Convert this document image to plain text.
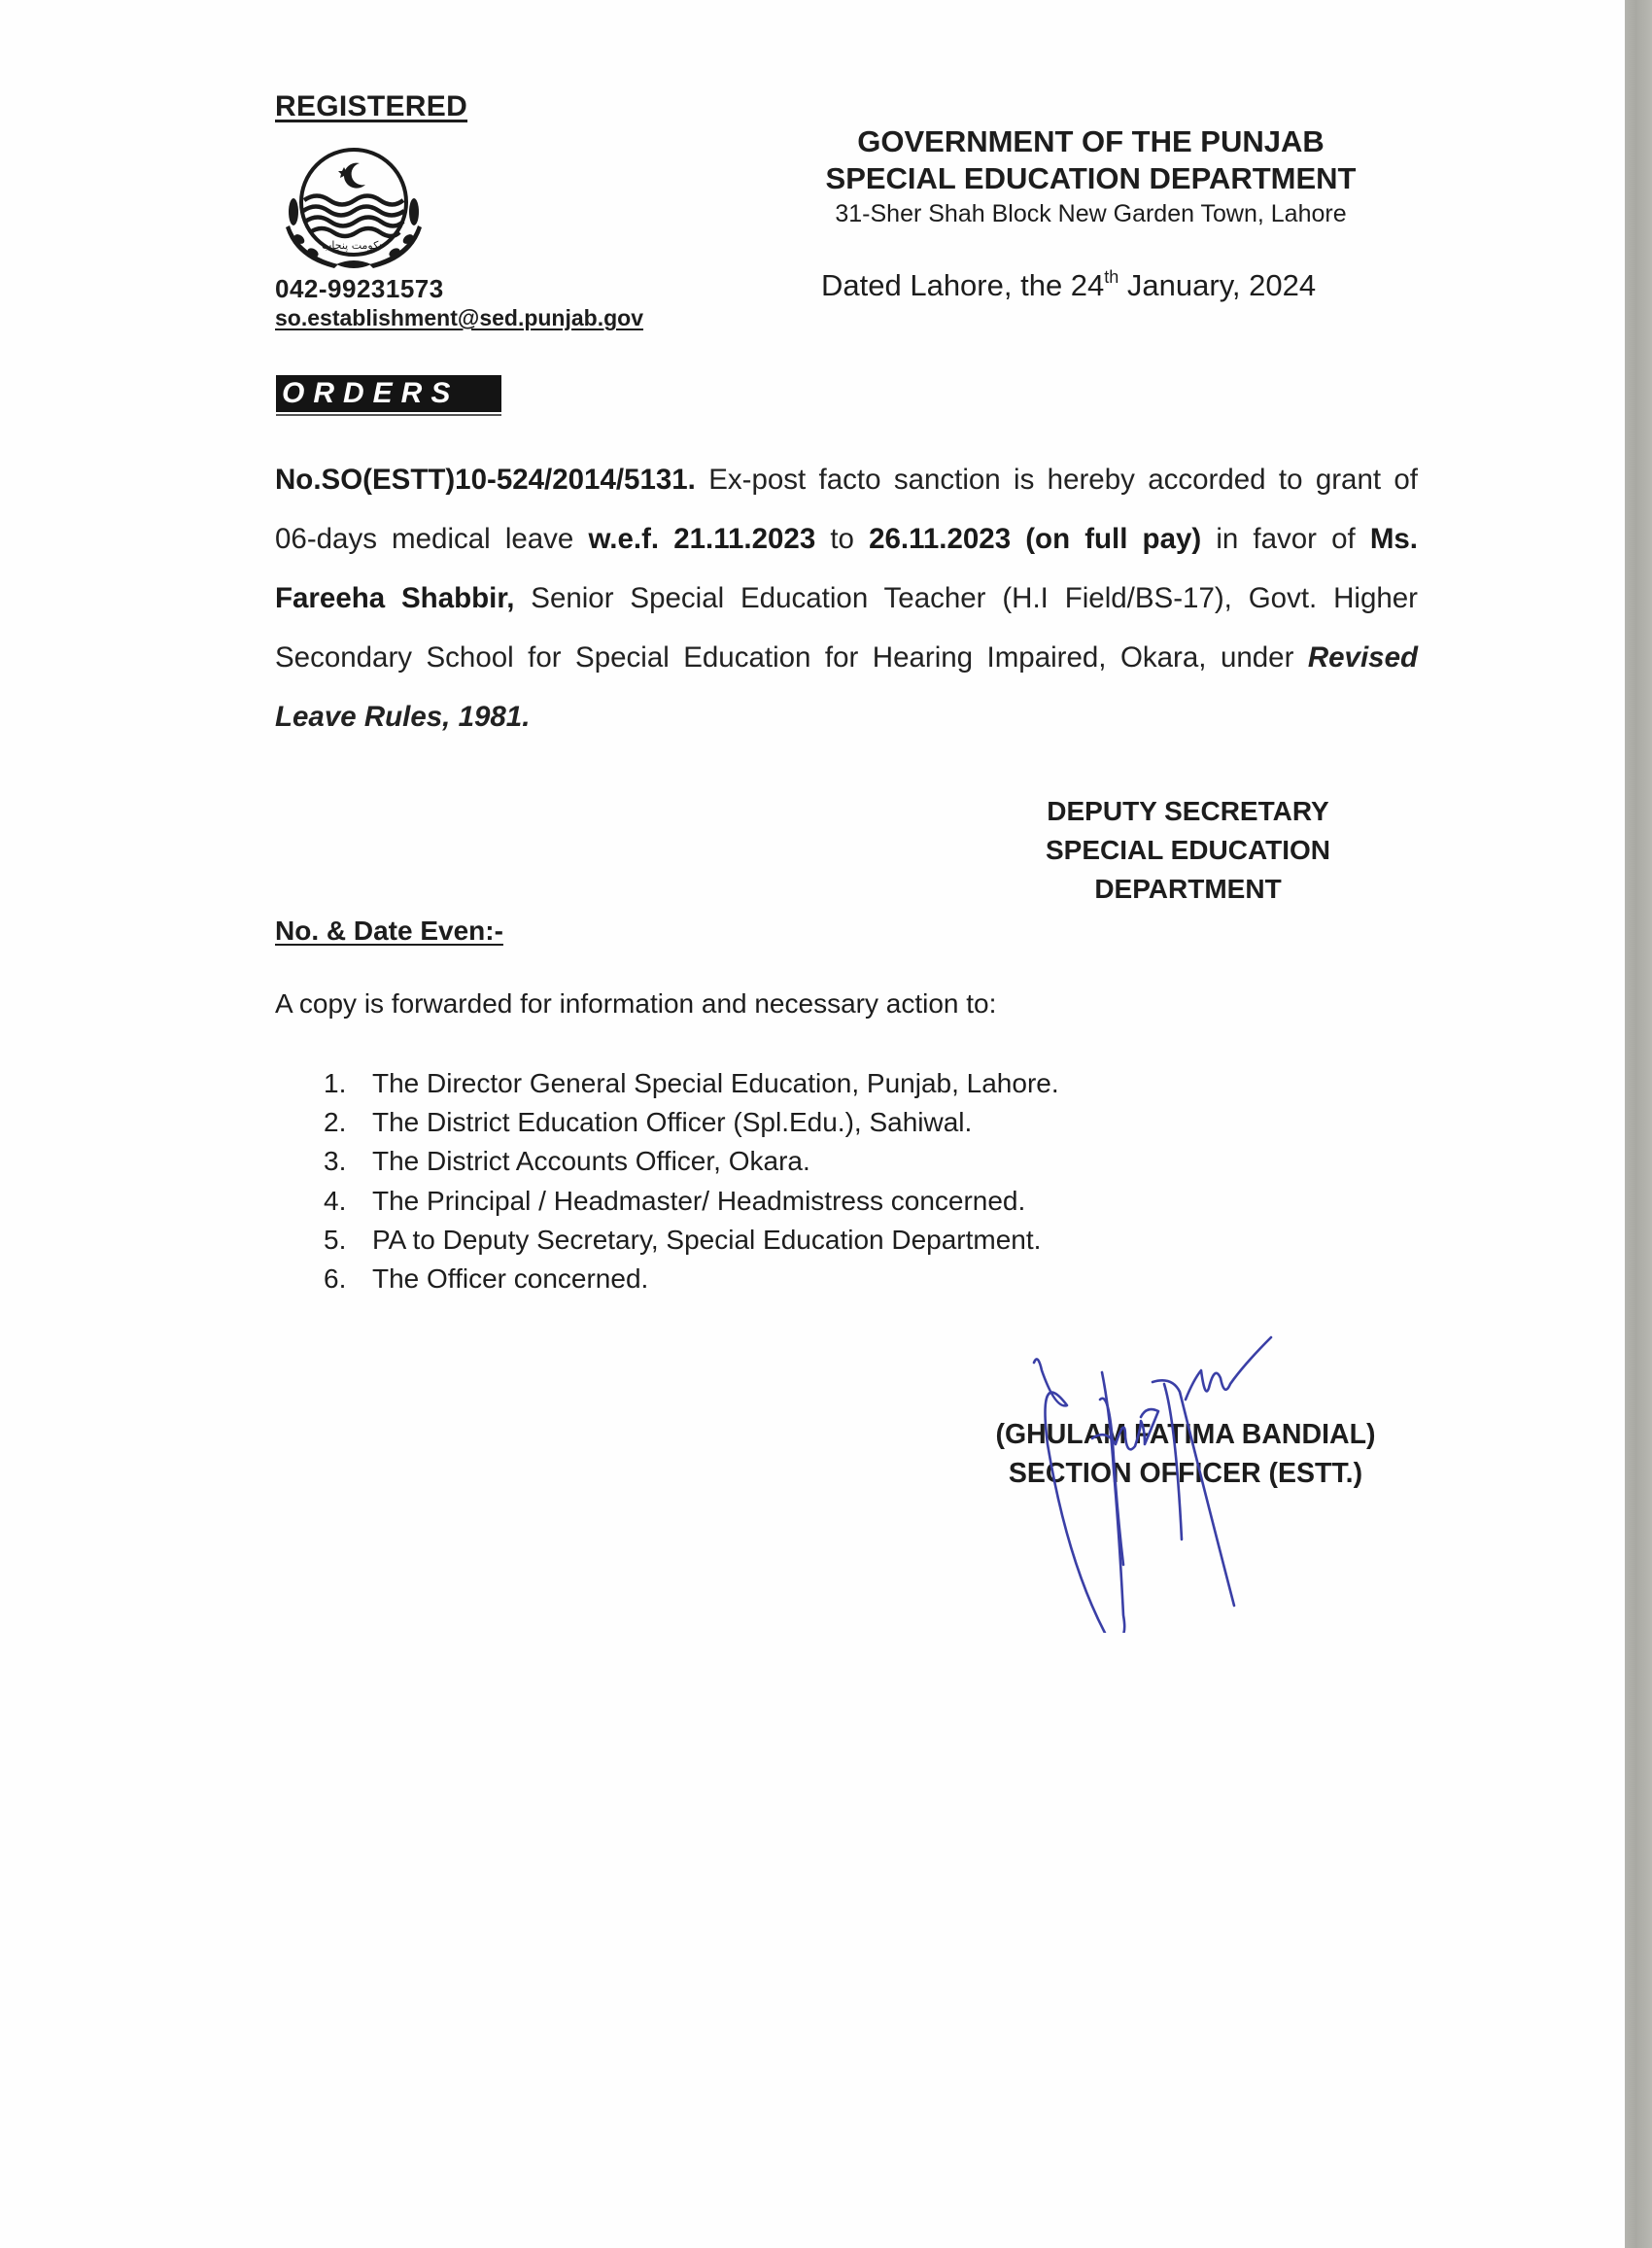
REGISTERED
حکومت پنجاب
042-99231573
so.establishment@sed.punjab.gov
GOVERNMENT OF THE PUNJAB
SPECIAL EDUCATION DEPARTMENT
31-Sher Shah Block New Garden Town, Lahore
Dated Lahore, the 24th January, 2024
ORDERS
No.SO(ESTT)10-524/2014/5131. Ex-post facto sanction is hereby accorded to grant of 06-days medical leave w.e.f. 21.11.2023 to 26.11.2023 (on full pay) in favor of Ms. Fareeha Shabbir, Senior Special Education Teacher (H.I Field/BS-17), Govt. Higher Secondary School for Special Education for Hearing Impaired, Okara, under Revised Leave Rules, 1981.
DEPUTY SECRETARY
SPECIAL EDUCATION
DEPARTMENT
No. & Date Even:-
A copy is forwarded for information and necessary action to:
1. The Director General Special Education, Punjab, Lahore.
2. The District Education Officer (Spl.Edu.), Sahiwal.
3. The District Accounts Officer, Okara.
4. The Principal / Headmaster/ Headmistress concerned.
5. PA to Deputy Secretary, Special Education Department.
6. The Officer concerned.
(GHULAM FATIMA BANDIAL)
SECTION OFFICER (ESTT.)
